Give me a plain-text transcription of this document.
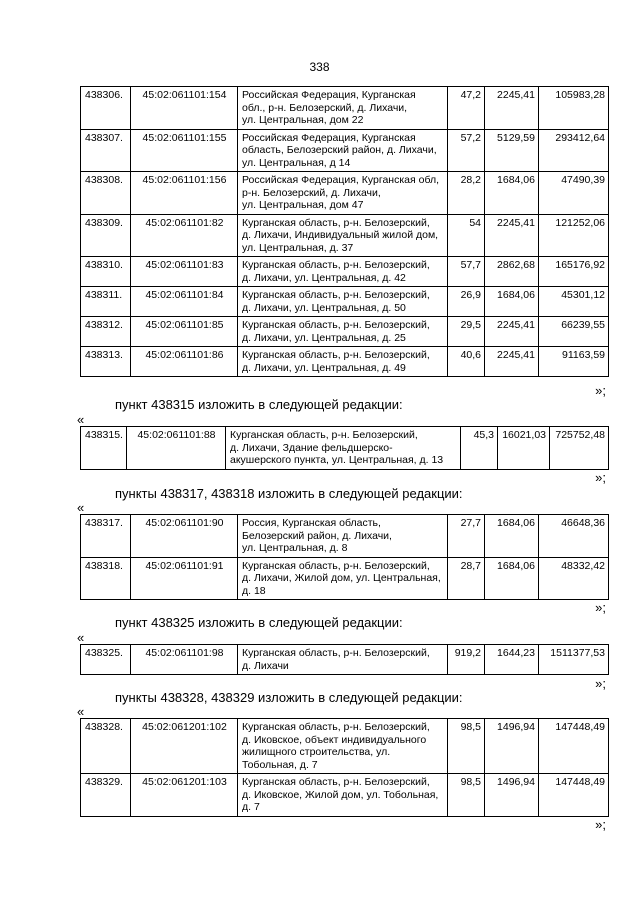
338
438306.	45:02:061101:154	Российская Федерация, Курганская
обл., р-н. Белозерский, д. Лихачи,
ул. Центральная, дом 22	47,2	2245,41	105983,28
438307.	45:02:061101:155	Российская Федерация, Курганская
область, Белозерский район, д. Лихачи,
ул. Центральная, д 14	57,2	5129,59	293412,64
438308.	45:02:061101:156	Российская Федерация, Курганская обл,
р-н. Белозерский, д. Лихачи,
ул. Центральная, дом 47	28,2	1684,06	47490,39
438309.	45:02:061101:82	Курганская область, р-н. Белозерский,
д. Лихачи, Индивидуальный жилой дом,
ул. Центральная, д. 37	54	2245,41	121252,06
438310.	45:02:061101:83	Курганская область, р-н. Белозерский,
д. Лихачи, ул. Центральная, д. 42	57,7	2862,68	165176,92
438311.	45:02:061101:84	Курганская область, р-н. Белозерский,
д. Лихачи, ул. Центральная, д. 50	26,9	1684,06	45301,12
438312.	45:02:061101:85	Курганская область, р-н. Белозерский,
д. Лихачи, ул. Центральная, д. 25	29,5	2245,41	66239,55
438313.	45:02:061101:86	Курганская область, р-н. Белозерский,
д. Лихачи, ул. Центральная, д. 49	40,6	2245,41	91163,59
»;
пункт 438315 изложить в следующей редакции:
«
438315.	45:02:061101:88	Курганская область, р-н. Белозерский,
д. Лихачи, Здание фельдшерско-
акушерского пункта, ул. Центральная, д. 13
	45,3	16021,03	725752,48
»;
пункты 438317, 438318 изложить в следующей редакции:
«
438317.	45:02:061101:90	Россия, Курганская область,
Белозерский район, д. Лихачи,
ул. Центральная, д. 8	27,7	1684,06	46648,36
438318.	45:02:061101:91	Курганская область, р-н. Белозерский,
д. Лихачи, Жилой дом, ул. Центральная,
д. 18	28,7	1684,06	48332,42
»;
пункт 438325 изложить в следующей редакции:
«
438325.	45:02:061101:98	Курганская область, р-н. Белозерский,
д. Лихачи
	919,2	1644,23	1511377,53
»;
пункты 438328, 438329 изложить в следующей редакции:
«
438328.	45:02:061201:102	Курганская область, р-н. Белозерский,
д. Иковское, объект индивидуального
жилищного строительства, ул.
Тобольная, д. 7	98,5	1496,94	147448,49
438329.	45:02:061201:103	Курганская область, р-н. Белозерский,
д. Иковское, Жилой дом, ул. Тобольная,
д. 7	98,5	1496,94	147448,49
»;
